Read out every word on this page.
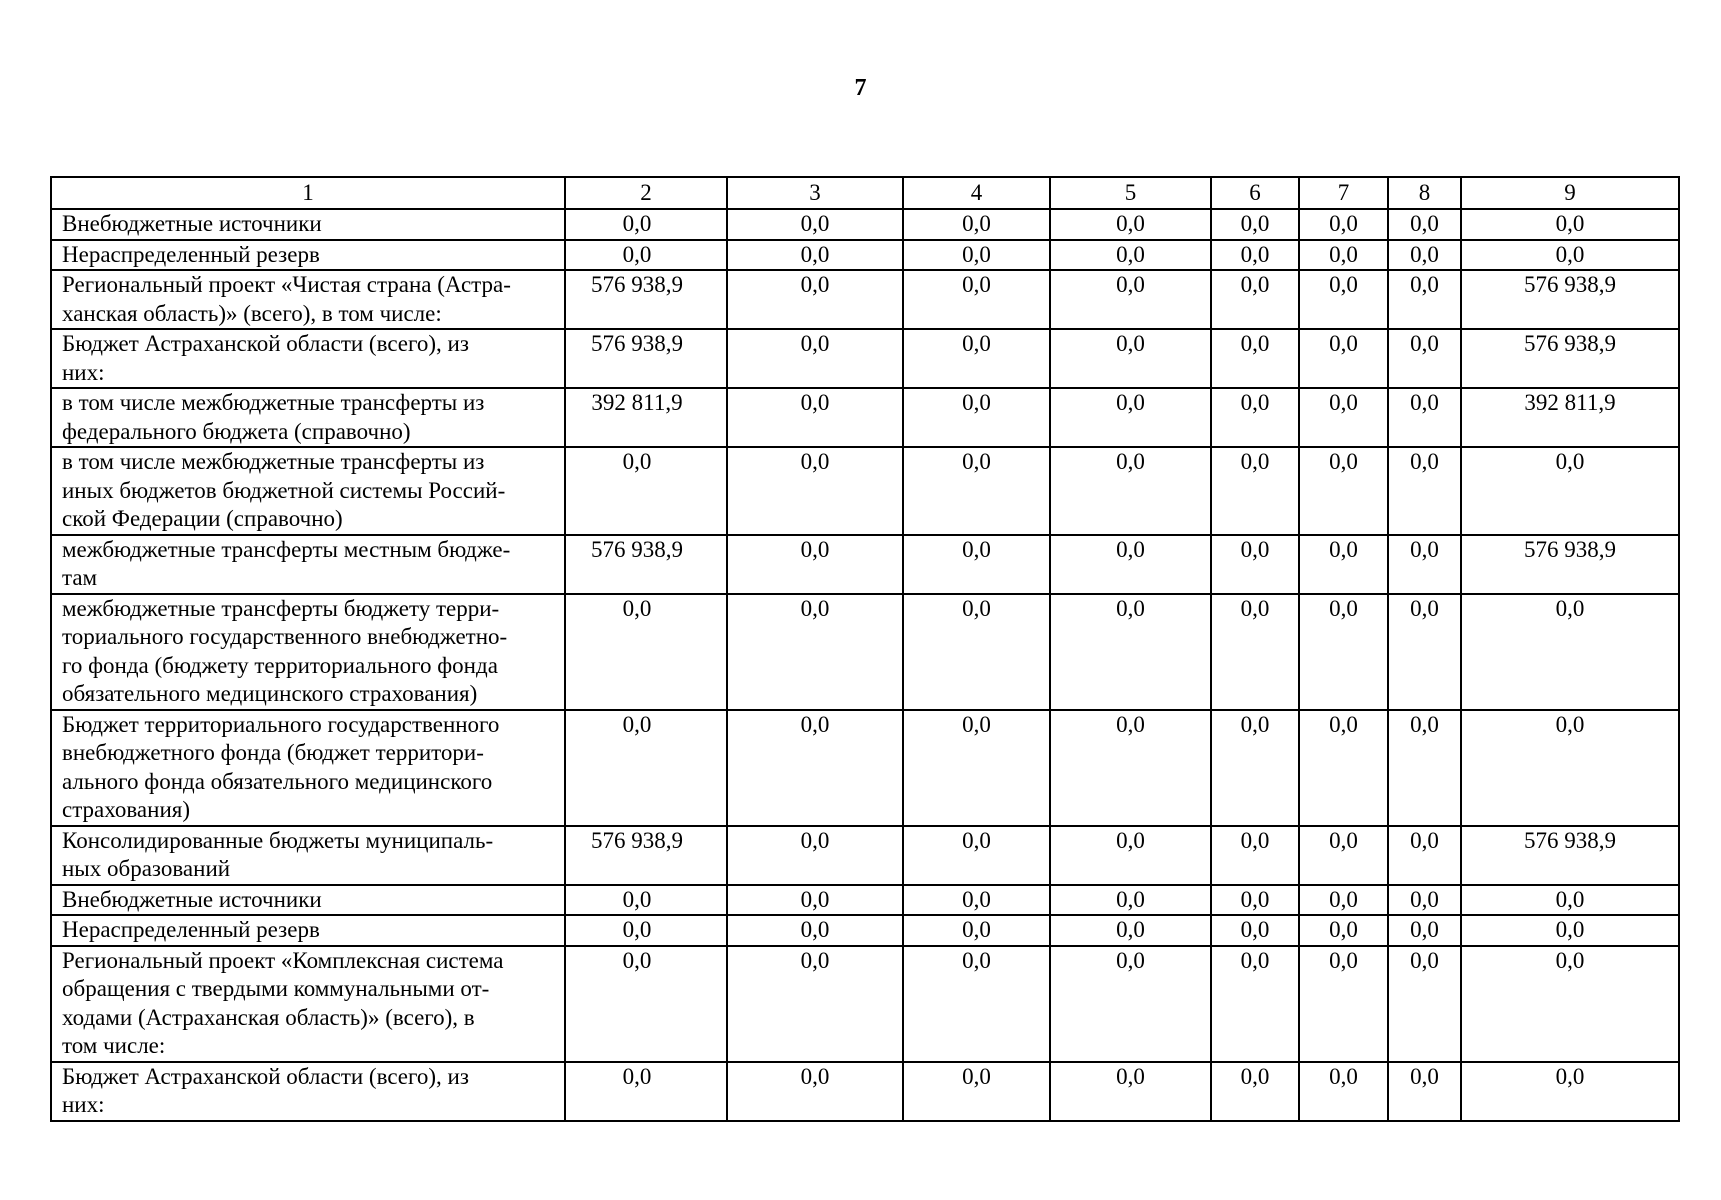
7
1	2	3	4	5	6	7	8	9
Внебюджетные источники	0,0	0,0	0,0	0,0	0,0	0,0	0,0	0,0
Нераспределенный резерв	0,0	0,0	0,0	0,0	0,0	0,0	0,0	0,0
Региональный проект «Чистая страна (Астра-
ханская область)» (всего), в том числе:	576 938,9	0,0	0,0	0,0	0,0	0,0	0,0	576 938,9
Бюджет Астраханской области (всего), из
них:	576 938,9	0,0	0,0	0,0	0,0	0,0	0,0	576 938,9
в том числе межбюджетные трансферты из
федерального бюджета (справочно)	392 811,9	0,0	0,0	0,0	0,0	0,0	0,0	392 811,9
в том числе межбюджетные трансферты из
иных бюджетов бюджетной системы Россий-
ской Федерации (справочно)	0,0	0,0	0,0	0,0	0,0	0,0	0,0	0,0
межбюджетные трансферты местным бюдже-
там	576 938,9	0,0	0,0	0,0	0,0	0,0	0,0	576 938,9
межбюджетные трансферты бюджету терри-
ториального государственного внебюджетно-
го фонда (бюджету территориального фонда
обязательного медицинского страхования)	0,0	0,0	0,0	0,0	0,0	0,0	0,0	0,0
Бюджет территориального государственного
внебюджетного фонда (бюджет территори-
ального фонда обязательного медицинского
страхования)	0,0	0,0	0,0	0,0	0,0	0,0	0,0	0,0
Консолидированные бюджеты муниципаль-
ных образований	576 938,9	0,0	0,0	0,0	0,0	0,0	0,0	576 938,9
Внебюджетные источники	0,0	0,0	0,0	0,0	0,0	0,0	0,0	0,0
Нераспределенный резерв	0,0	0,0	0,0	0,0	0,0	0,0	0,0	0,0
Региональный проект «Комплексная система
обращения с твердыми коммунальными от-
ходами (Астраханская область)» (всего), в
том числе:	0,0	0,0	0,0	0,0	0,0	0,0	0,0	0,0
Бюджет Астраханской области (всего), из
них:	0,0	0,0	0,0	0,0	0,0	0,0	0,0	0,0
